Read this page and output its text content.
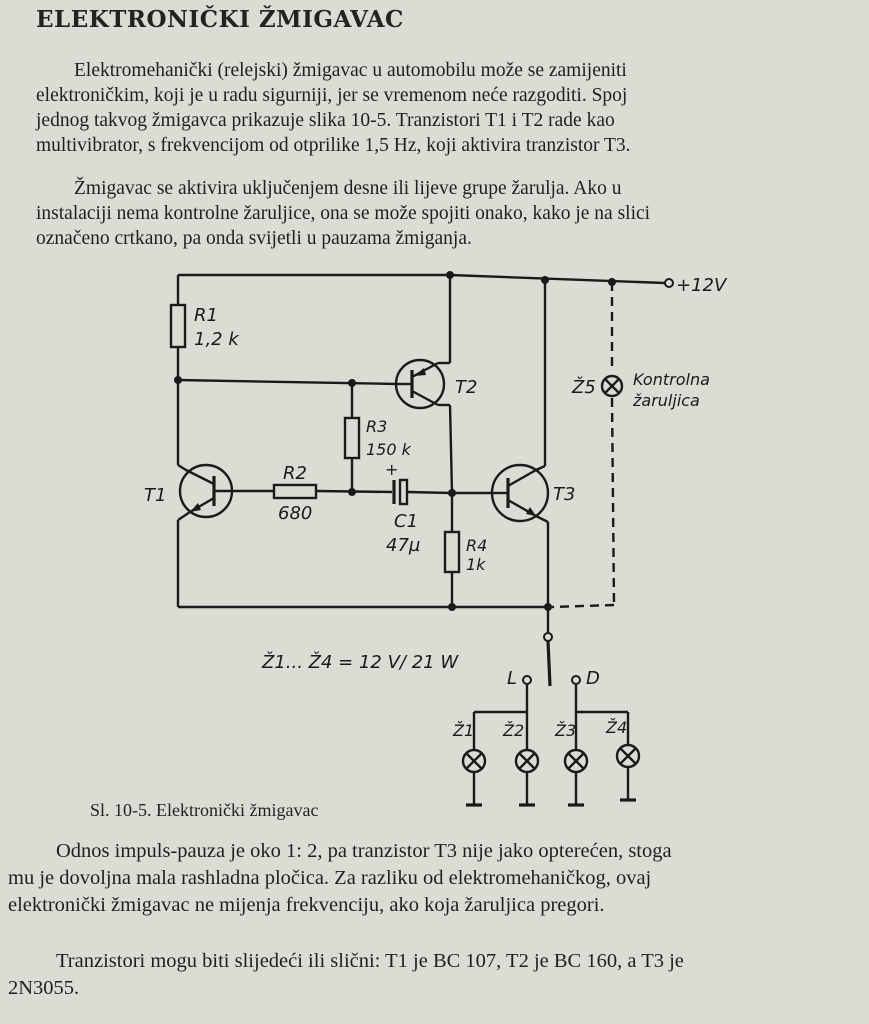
ELEKTRONIČKI ŽMIGAVAC

Elektromehanički (relejski) žmigavac u automobilu može se zamijeniti
elektroničkim, koji je u radu sigurniji, jer se vremenom neće razgoditi. Spoj
jednog takvog žmigavca prikazuje slika 10-5. Tranzistori T1 i T2 rade kao
multivibrator, s frekvencijom od otprilike 1,5 Hz, koji aktivira tranzistor T3.

Žmigavac se aktivira uključenjem desne ili lijeve grupe žarulja. Ako u
instalaciji nema kontrolne žaruljice, ona se može spojiti onako, kako je na slici
označeno crtkano, pa onda svijetli u pauzama žmiganja.

+12V
R1
1,2 k
T2
R3
150 k
T1
R2
680
+
C1
47µ	R4
1k
T3
Ž5 Kontrolna
žaruljica
L	D
Ž1... Ž4 = 12 V/ 21 W
Ž1 Ž2 Ž3 Ž4
Sl. 10-5. Elektronički žmigavac

Odnos impuls-pauza je oko 1: 2, pa tranzistor T3 nije jako opterećen, stoga
mu je dovoljna mala rashladna pločica. Za razliku od elektromehaničkog, ovaj
elektronički žmigavac ne mijenja frekvenciju, ako koja žaruljica pregori.

Tranzistori mogu biti slijedeći ili slični: T1 je BC 107, T2 je BC 160, a T3 je
2N3055.
